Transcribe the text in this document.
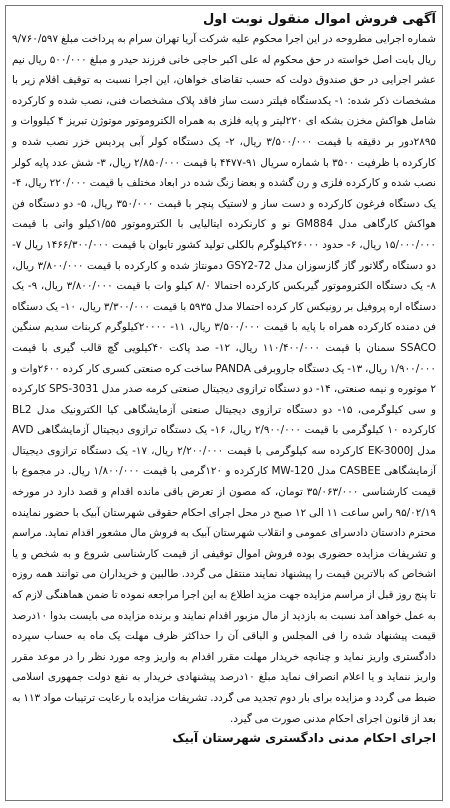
آگهی فروش اموال منقول نوبت اول

شماره اجرایی مطروحه در این اجرا محکوم علیه شرکت آریا تهران سرام به پرداخت مبلغ ۹/۷۶۰/۵۹۷ ریال بابت اصل خواسته در حق محکوم له علی اکبر حاجی خانی فرزند حیدر و مبلغ ۵۰۰/۰۰۰ ریال نیم عشر اجرایی در حق صندوق دولت که حسب تقاضای خواهان، این اجرا نسبت به توقیف اقلام زیر با مشخصات ذکر شده: ۱- یکدستگاه فیلتر دست ساز فاقد پلاک مشخصات فنی، نصب شده و کارکرده شامل هواکش مخزن بشکه ای ۲۲۰لیتر و پایه فلزی به همراه الکتروموتور موتوژن تبریز ۴ کیلووات و ۲۸۹۵دور بر دقیقه با قیمت ۳/۵۰۰/۰۰۰ ریال، ۲- یک دستگاه کولر آبی پردیس خزر نصب شده و کارکرده با ظرفیت ۳۵۰۰ با شماره سریال ۹۱-۴۴۷۷ با قیمت ۲/۸۵۰/۰۰۰ ریال، ۳- شش عدد پایه کولر نصب شده و کارکرده فلزی و رن گشده و بعضا زنگ شده در ابعاد مختلف با قیمت ۲۲۰/۰۰۰ ریال، ۴- یک دستگاه فرغون کارکرده و دست ساز و لاستیک پنچر با قیمت ۳۵۰/۰۰۰ ریال، ۵- دو دستگاه فن هواکش کارگاهی مدل GM884 نو و کارنکرده ایتالیایی با الکتروموتور ۱/۵۵کیلو واتی با قیمت ۱۵/۰۰۰/۰۰۰ ریال، ۶- حدود ۲۶۰۰۰کیلوگرم بالکلی تولید کشور تایوان با قیمت ۱۴۶۶/۳۰۰/۰۰۰ ریال ۷- دو دستگاه رگلاتور گاز گازسوزان مدل GSY2-72 دمونتاژ شده و کارکرده با قیمت ۳/۸۰۰/۰۰۰ ریال، ۸- یک دستگاه الکتروموتور گیربکس کارکرده احتمالا ۸/۰ کیلو وات با قیمت ۳/۸۰۰/۰۰۰ ریال، ۹- یک دستگاه اره پروفیل بر رونیکس کار کرده احتمالا مدل ۵۹۳۵ با قیمت ۳/۳۰۰/۰۰۰ ریال، ۱۰- یک دستگاه فن دمنده کارکرده همراه با پایه با قیمت ۳/۵۰۰/۰۰۰ ریال، ۱۱- ۲۰۰۰۰کیلوگرم کربنات سدیم سنگین SSACO سمنان با قیمت ۱۱۰/۴۰۰/۰۰۰ ریال، ۱۲- صد پاکت ۴۰کیلویی گچ قالب گیری با قیمت ۱/۹۰۰/۰۰۰ ریال، ۱۳- یک دستگاه جاروبرقی PANDA ساخت کره صنعتی کسری کار کرده ۲۶۰۰وات و ۲ موتوره و نیمه صنعتی، ۱۴- دو دستگاه ترازوی دیجیتال صنعتی کرمه صدر مدل SPS-3031 کارکرده و سی کیلوگرمی، ۱۵- دو دستگاه ترازوی دیجیتال صنعتی آزمایشگاهی کیا الکترونیک مدل BL2 کارکرده ۱۰ کیلوگرمی با قیمت ۲/۹۰۰/۰۰۰ ریال، ۱۶- یک دستگاه ترازوی دیجیتال آزمایشگاهی AVD مدل EK-3000J کارکرده سه کیلوگرمی با قیمت ۲/۲۰۰/۰۰۰ ریال، ۱۷- یک دستگاه ترازوی دیجیتال آزمایشگاهی CASBEE مدل MW-120 کارکرده و ۱۲۰گرمی با قیمت ۱/۸۰۰/۰۰۰ ریال. در مجموع با قیمت کارشناسی ۳۵/۰۶۳/۰۰۰ تومان، که مصون از تعرض باقی مانده اقدام و قصد دارد در مورخه ۹۵/۰۲/۱۹ راس ساعت ۱۱ الی ۱۲ صبح در محل اجرای احکام حقوقی شهرستان آبیک با حضور نماینده محترم دادستان دادسرای عمومی و انقلاب شهرستان آبیک به فروش مال مشعور اقدام نماید. مراسم و تشریفات مزایده حضوری بوده فروش اموال توقیفی از قیمت کارشناسی شروع و به شخص و یا اشخاص که بالاترین قیمت را پیشنهاد نمایند منتقل می گردد. طالبین و خریداران می توانند همه روزه تا پنج روز قبل از مراسم مزایده جهت مزید اطلاع به این اجرا مراجعه نموده تا ضمن هماهنگی لازم که به عمل خواهد آمد نسبت به بازدید از مال مزبور اقدام نمایند و برنده مزایده می بایست بدوا ۱۰درصد قیمت پیشنهاد شده را فی المجلس و الباقی آن را حداکثر ظرف مهلت یک ماه به حساب سپرده دادگستری واریز نماید و چنانچه خریدار مهلت مقرر اقدام به واریز وجه مورد نظر را در موعد مقرر واریز ننماید و یا اعلام انصراف نماید مبلغ ۱۰درصد پیشنهادی خریدار به نفع دولت جمهوری اسلامی ضبط می گردد و مزایده برای بار دوم تجدید می گردد. تشریفات مزایده با رعایت ترتیبات مواد ۱۱۳ به بعد از قانون اجرای احکام مدنی صورت می گیرد.

اجرای احکام مدنی دادگستری شهرستان آبیک
